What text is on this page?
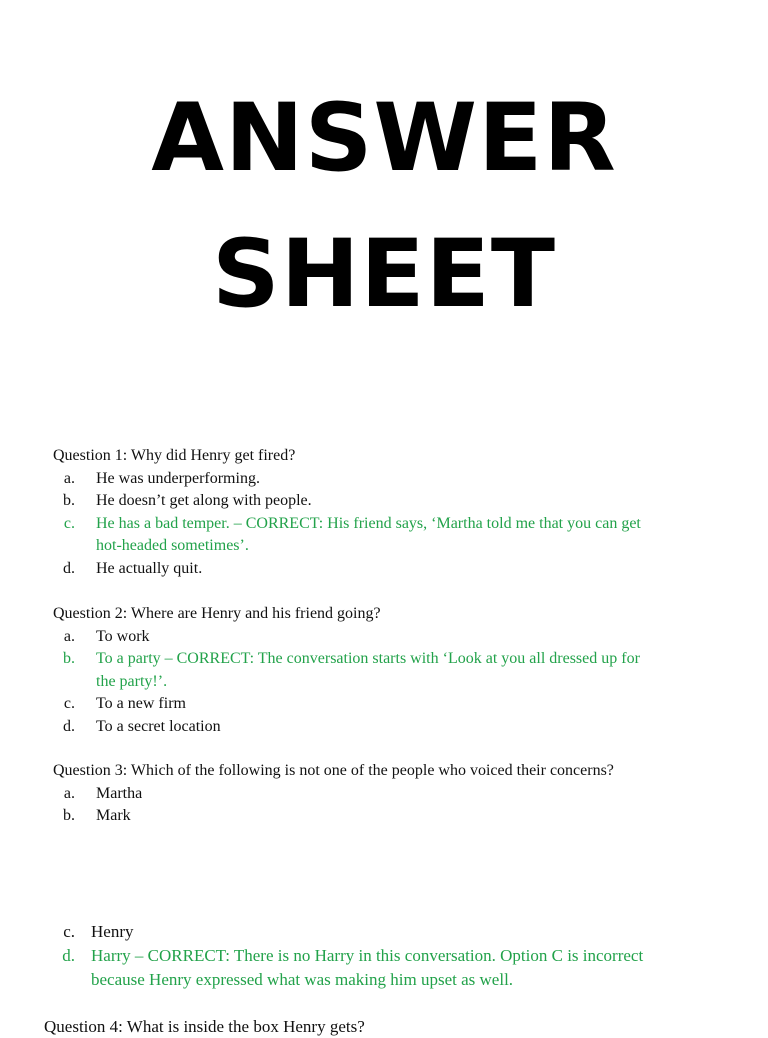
ANSWER
SHEET

Question 1: Why did Henry get fired?

a.	He was underperforming.
b.	He doesn’t get along with people.
c.	He has a bad temper. – CORRECT: His friend says, ‘Martha told me that you can get hot-headed sometimes’.
d.	He actually quit.

Question 2: Where are Henry and his friend going?

a.	To work
b.	To a party – CORRECT: The conversation starts with ‘Look at you all dressed up for the party!’.
c.	To a new firm
d.	To a secret location

Question 3: Which of the following is not one of the people who voiced their concerns?

a.	Martha
b.	Mark
c. Henry
d. Harry – CORRECT: There is no Harry in this conversation. Option C is incorrect because Henry expressed what was making him upset as well.
Question 4: What is inside the box Henry gets?
